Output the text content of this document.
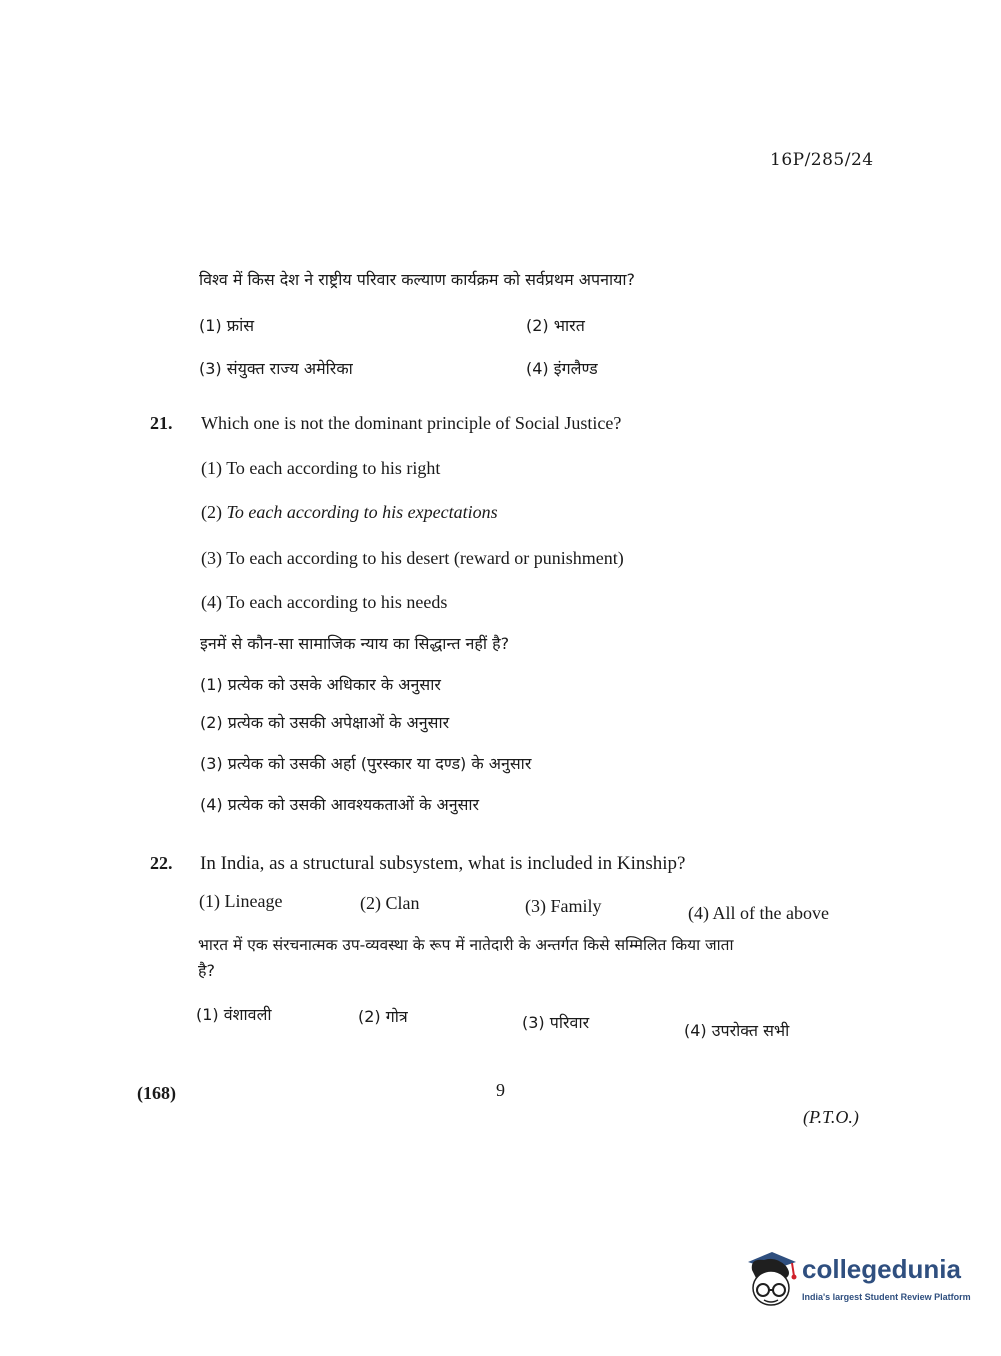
16P/285/24
विश्व में किस देश ने राष्ट्रीय परिवार कल्याण कार्यक्रम को सर्वप्रथम अपनाया?
(1) फ्रांस	(2) भारत
(3) संयुक्त राज्य अमेरिका	(4) इंगलैण्ड
21. Which one is not the dominant principle of Social Justice?
(1) To each according to his right
(2) To each according to his expectations
(3) To each according to his desert (reward or punishment)
(4) To each according to his needs
इनमें से कौन-सा सामाजिक न्याय का सिद्धान्त नहीं है?
(1) प्रत्येक को उसके अधिकार के अनुसार
(2) प्रत्येक को उसकी अपेक्षाओं के अनुसार
(3) प्रत्येक को उसकी अर्हा (पुरस्कार या दण्ड) के अनुसार
(4) प्रत्येक को उसकी आवश्यकताओं के अनुसार
22. In India, as a structural subsystem, what is included in Kinship?
(1) Lineage	(2) Clan	(3) Family	(4) All of the above
भारत में एक संरचनात्मक उप-व्यवस्था के रूप में नातेदारी के अन्तर्गत किसे सम्मिलित किया जाता
है?
(1) वंशावली	(2) गोत्र	(3) परिवार	(4) उपरोक्त सभी
(168)	9
(P.T.O.)
collegedunia
India's largest Student Review Platform
